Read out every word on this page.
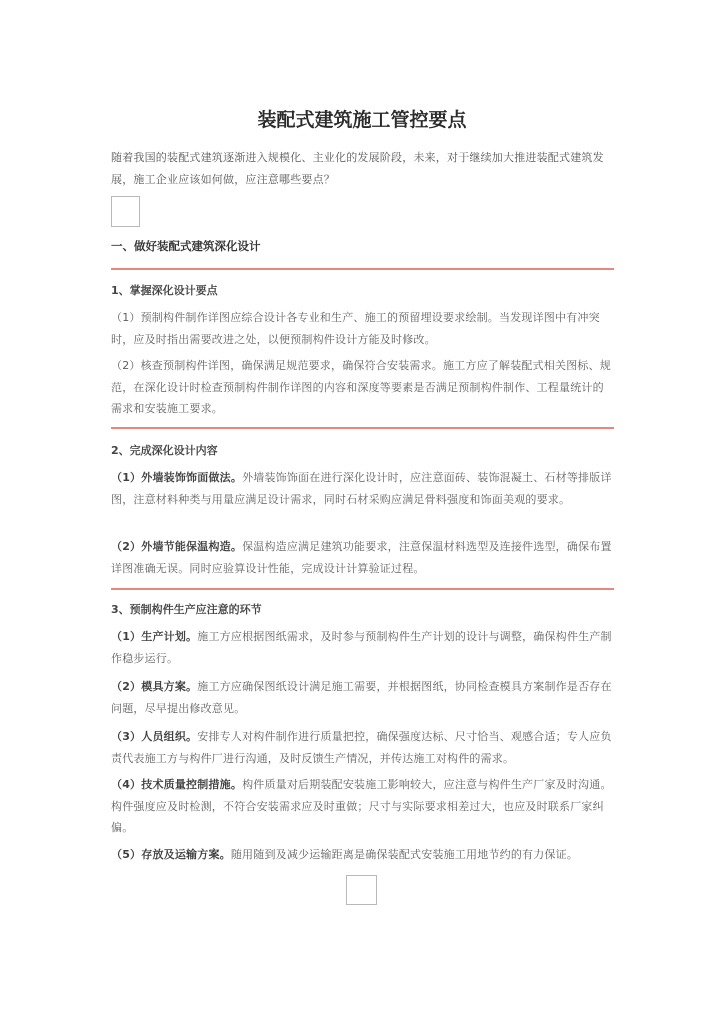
装配式建筑施工管控要点

随着我国的装配式建筑逐渐进入规模化、主业化的发展阶段，未来，对于继续加大推进装配式建筑发展，施工企业应该如何做，应注意哪些要点？

一、做好装配式建筑深化设计
1、掌握深化设计要点

（1）预制构件制作详图应综合设计各专业和生产、施工的预留埋设要求绘制。当发现详图中有冲突时，应及时指出需要改进之处，以便预制构件设计方能及时修改。

（2）核查预制构件详图，确保满足规范要求，确保符合安装需求。施工方应了解装配式相关图标、规范，在深化设计时检查预制构件制作详图的内容和深度等要素是否满足预制构件制作、工程量统计的需求和安装施工要求。

2、完成深化设计内容

（1）外墙装饰饰面做法。外墙装饰饰面在进行深化设计时，应注意面砖、装饰混凝土、石材等排版详图，注意材料种类与用量应满足设计需求，同时石材采购应满足骨料强度和饰面美观的要求。

（2）外墙节能保温构造。保温构造应满足建筑功能要求，注意保温材料选型及连接件选型，确保布置详图准确无误。同时应验算设计性能，完成设计计算验证过程。

3、预制构件生产应注意的环节

（1）生产计划。施工方应根据图纸需求，及时参与预制构件生产计划的设计与调整，确保构件生产制作稳步运行。

（2）模具方案。施工方应确保图纸设计满足施工需要，并根据图纸，协同检查模具方案制作是否存在问题，尽早提出修改意见。

（3）人员组织。安排专人对构件制作进行质量把控，确保强度达标、尺寸恰当、观感合适；专人应负责代表施工方与构件厂进行沟通，及时反馈生产情况，并传达施工对构件的需求。

（4）技术质量控制措施。构件质量对后期装配安装施工影响较大，应注意与构件生产厂家及时沟通。构件强度应及时检测，不符合安装需求应及时重做；尺寸与实际要求相差过大，也应及时联系厂家纠偏。

（5）存放及运输方案。随用随到及减少运输距离是确保装配式安装施工用地节约的有力保证。
